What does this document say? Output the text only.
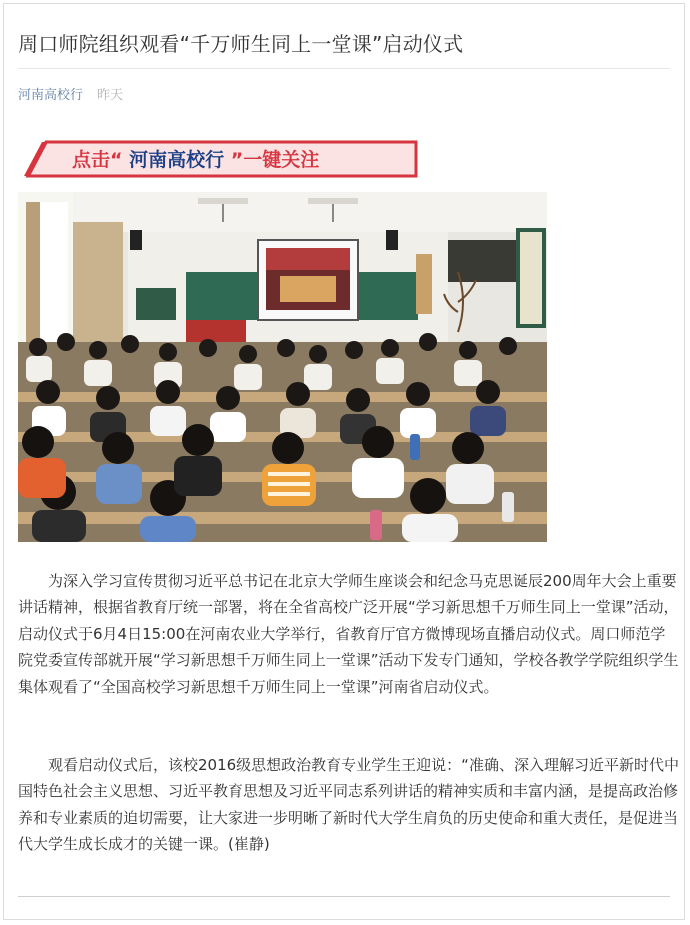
周口师院组织观看“千万师生同上一堂课”启动仪式
河南高校行 昨天
点击“ 河南高校行 ”一键关注

为深入学习宣传贯彻习近平总书记在北京大学师生座谈会和纪念马克思诞辰200周年大会上重要讲话精神，根据省教育厅统一部署，将在全省高校广泛开展“学习新思想千万师生同上一堂课”活动，启动仪式于6月4日15:00在河南农业大学举行，省教育厅官方微博现场直播启动仪式。周口师范学院党委宣传部就开展“学习新思想千万师生同上一堂课”活动下发专门通知，学校各教学学院组织学生集体观看了“全国高校学习新思想千万师生同上一堂课”河南省启动仪式。

观看启动仪式后，该校2016级思想政治教育专业学生王迎说：“准确、深入理解习近平新时代中国特色社会主义思想、习近平教育思想及习近平同志系列讲话的精神实质和丰富内涵，是提高政治修养和专业素质的迫切需要，让大家进一步明晰了新时代大学生肩负的历史使命和重大责任，是促进当代大学生成长成才的关键一课。(崔静)
